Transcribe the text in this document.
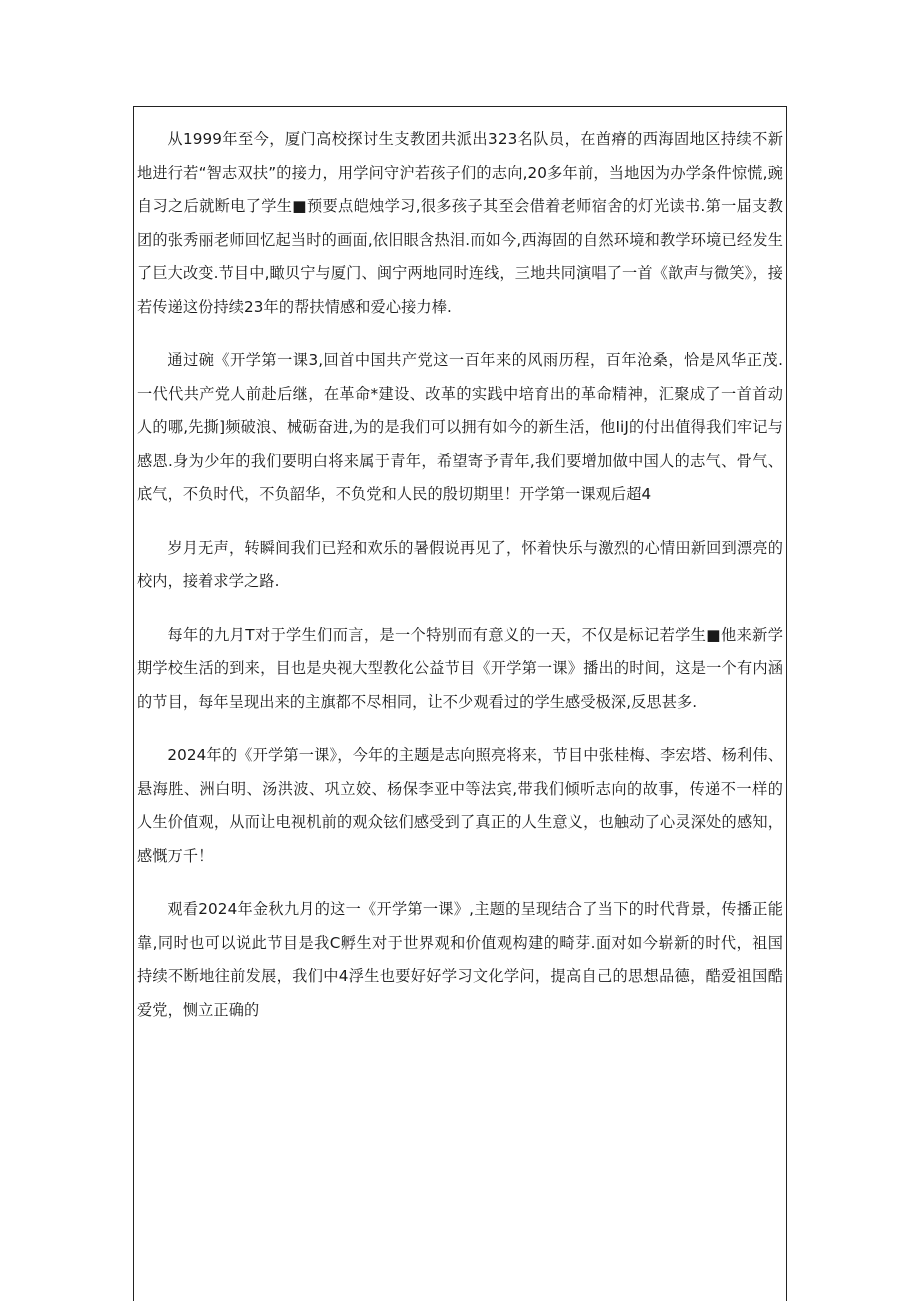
从1999年至今，厦门高校探讨生支教团共派出323名队员，在酋瘠的西海固地区持续不新地进行若“智志双扶”的接力，用学问守沪若孩子们的志向,20多年前，当地因为办学条件惊慌,豌自习之后就断电了学生■预要点皑烛学习,很多孩子其至会借着老师宿舍的灯光读书.第一届支教团的张秀丽老师回忆起当时的画面,依旧眼含热泪.而如今,西海固的自然环境和教学环境已经发生了巨大改变.节目中,瞰贝宁与厦门、闽宁两地同时连线，三地共同演唱了一首《歆声与微笑》，接若传递这份持续23年的帮扶情感和爱心接力棒.

通过碗《开学第一课3,回首中国共产党这一百年来的风雨历程，百年沧桑，恰是风华正茂.一代代共产党人前赴后继，在革命*建设、改革的实践中培育出的革命精神，汇聚成了一首首动人的哪,先撕]频破浪、械砺奋进,为的是我们可以拥有如今的新生活，他IiJ的付出值得我们牢记与感恩.身为少年的我们要明白将来属于青年，希望寄予青年,我们要增加做中国人的志气、骨气、底气，不负时代，不负韶华，不负党和人民的殷切期里！开学第一课观后超4

岁月无声，转瞬间我们已羟和欢乐的暑假说再见了，怀着快乐与激烈的心情田新回到漂亮的校内，接着求学之路.

每年的九月T对于学生们而言，是一个特别而有意义的一天，不仅是标记若学生■他来新学期学校生活的到来，目也是央视大型教化公益节目《开学第一课》播出的时间，这是一个有内涵的节目，每年呈现出来的主旗都不尽相同，让不少观看过的学生感受极深,反思甚多.

2024年的《开学第一课》，今年的主题是志向照亮将来，节目中张桂梅、李宏塔、杨利伟、悬海胜、洲白明、汤洪波、巩立姣、杨保李亚中等法宾,带我们倾听志向的故事，传递不一样的人生价值观，从而让电视机前的观众铉们感受到了真正的人生意义，也触动了心灵深处的感知，感慨万千！

观看2024年金秋九月的这一《开学第一课》,主题的呈现结合了当下的时代背景，传播正能靠,同时也可以说此节目是我C孵生对于世界观和价值观构建的畸芽.面对如今崭新的时代，祖国持续不断地往前发展，我们中4浮生也要好好学习文化学问，提高自己的思想品德，酷爱祖国酷爱党，恻立正确的
